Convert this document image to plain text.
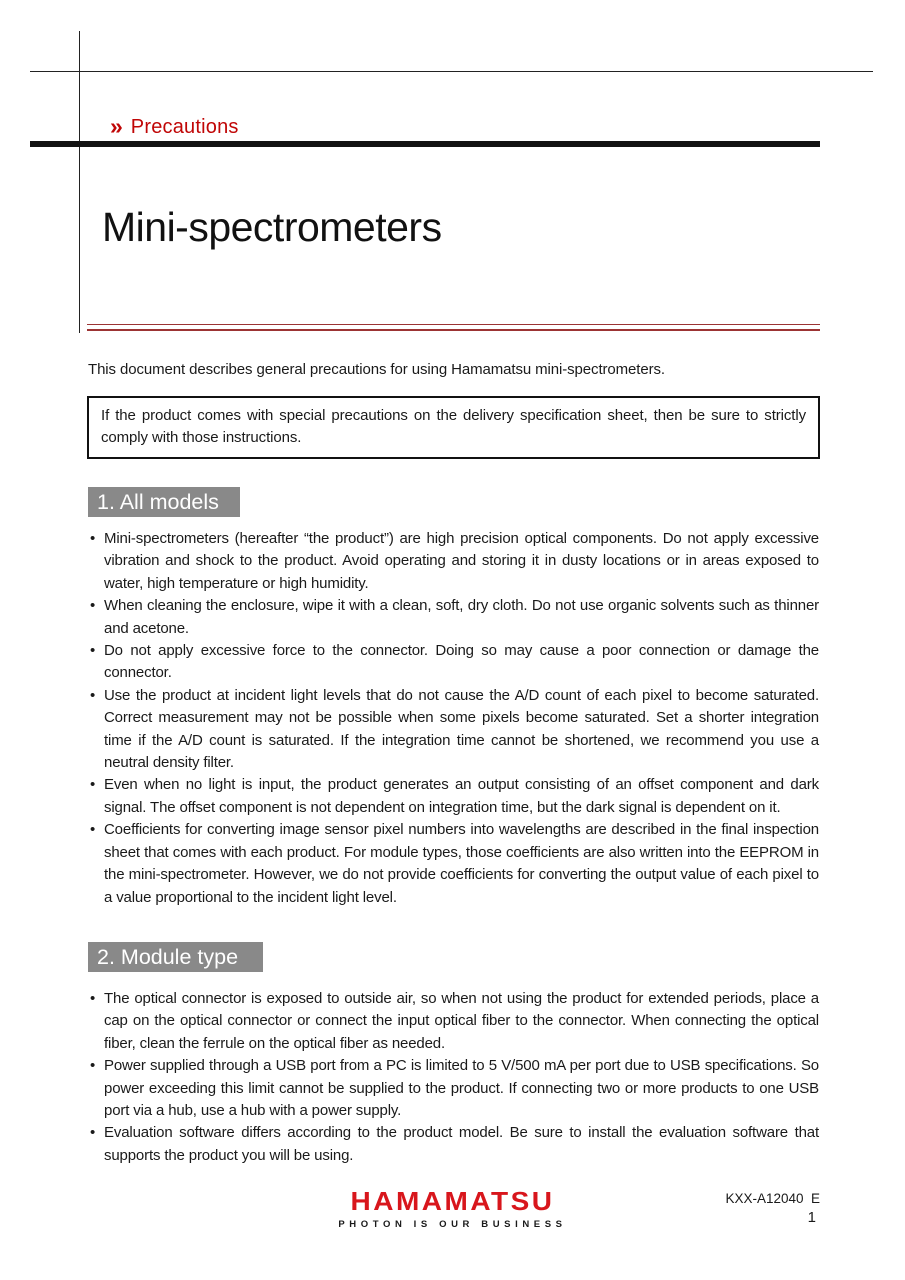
» Precautions
Mini-spectrometers

This document describes general precautions for using Hamamatsu mini-spectrometers.

If the product comes with special precautions on the delivery specification sheet, then be sure to strictly comply with those instructions.
1. All models
• Mini-spectrometers (hereafter “the product”) are high precision optical components. Do not apply excessive vibration and shock to the product. Avoid operating and storing it in dusty locations or in areas exposed to water, high temperature or high humidity.
• When cleaning the enclosure, wipe it with a clean, soft, dry cloth. Do not use organic solvents such as thinner and acetone.
• Do not apply excessive force to the connector. Doing so may cause a poor connection or damage the connector.
• Use the product at incident light levels that do not cause the A/D count of each pixel to become saturated. Correct measurement may not be possible when some pixels become saturated. Set a shorter integration time if the A/D count is saturated. If the integration time cannot be shortened, we recommend you use a neutral density filter.
• Even when no light is input, the product generates an output consisting of an offset component and dark signal. The offset component is not dependent on integration time, but the dark signal is dependent on it.
• Coefficients for converting image sensor pixel numbers into wavelengths are described in the final inspection sheet that comes with each product. For module types, those coefficients are also written into the EEPROM in the mini-spectrometer. However, we do not provide coefficients for converting the output value of each pixel to a value proportional to the incident light level.
2. Module type
• The optical connector is exposed to outside air, so when not using the product for extended periods, place a cap on the optical connector or connect the input optical fiber to the connector. When connecting the optical fiber, clean the ferrule on the optical fiber as needed.
• Power supplied through a USB port from a PC is limited to 5 V/500 mA per port due to USB specifications. So power exceeding this limit cannot be supplied to the product. If connecting two or more products to one USB port via a hub, use a hub with a power supply.
• Evaluation software differs according to the product model. Be sure to install the evaluation software that supports the product you will be using.
HAMAMATSU
PHOTON IS OUR BUSINESS
KXX-A12040  E
1
